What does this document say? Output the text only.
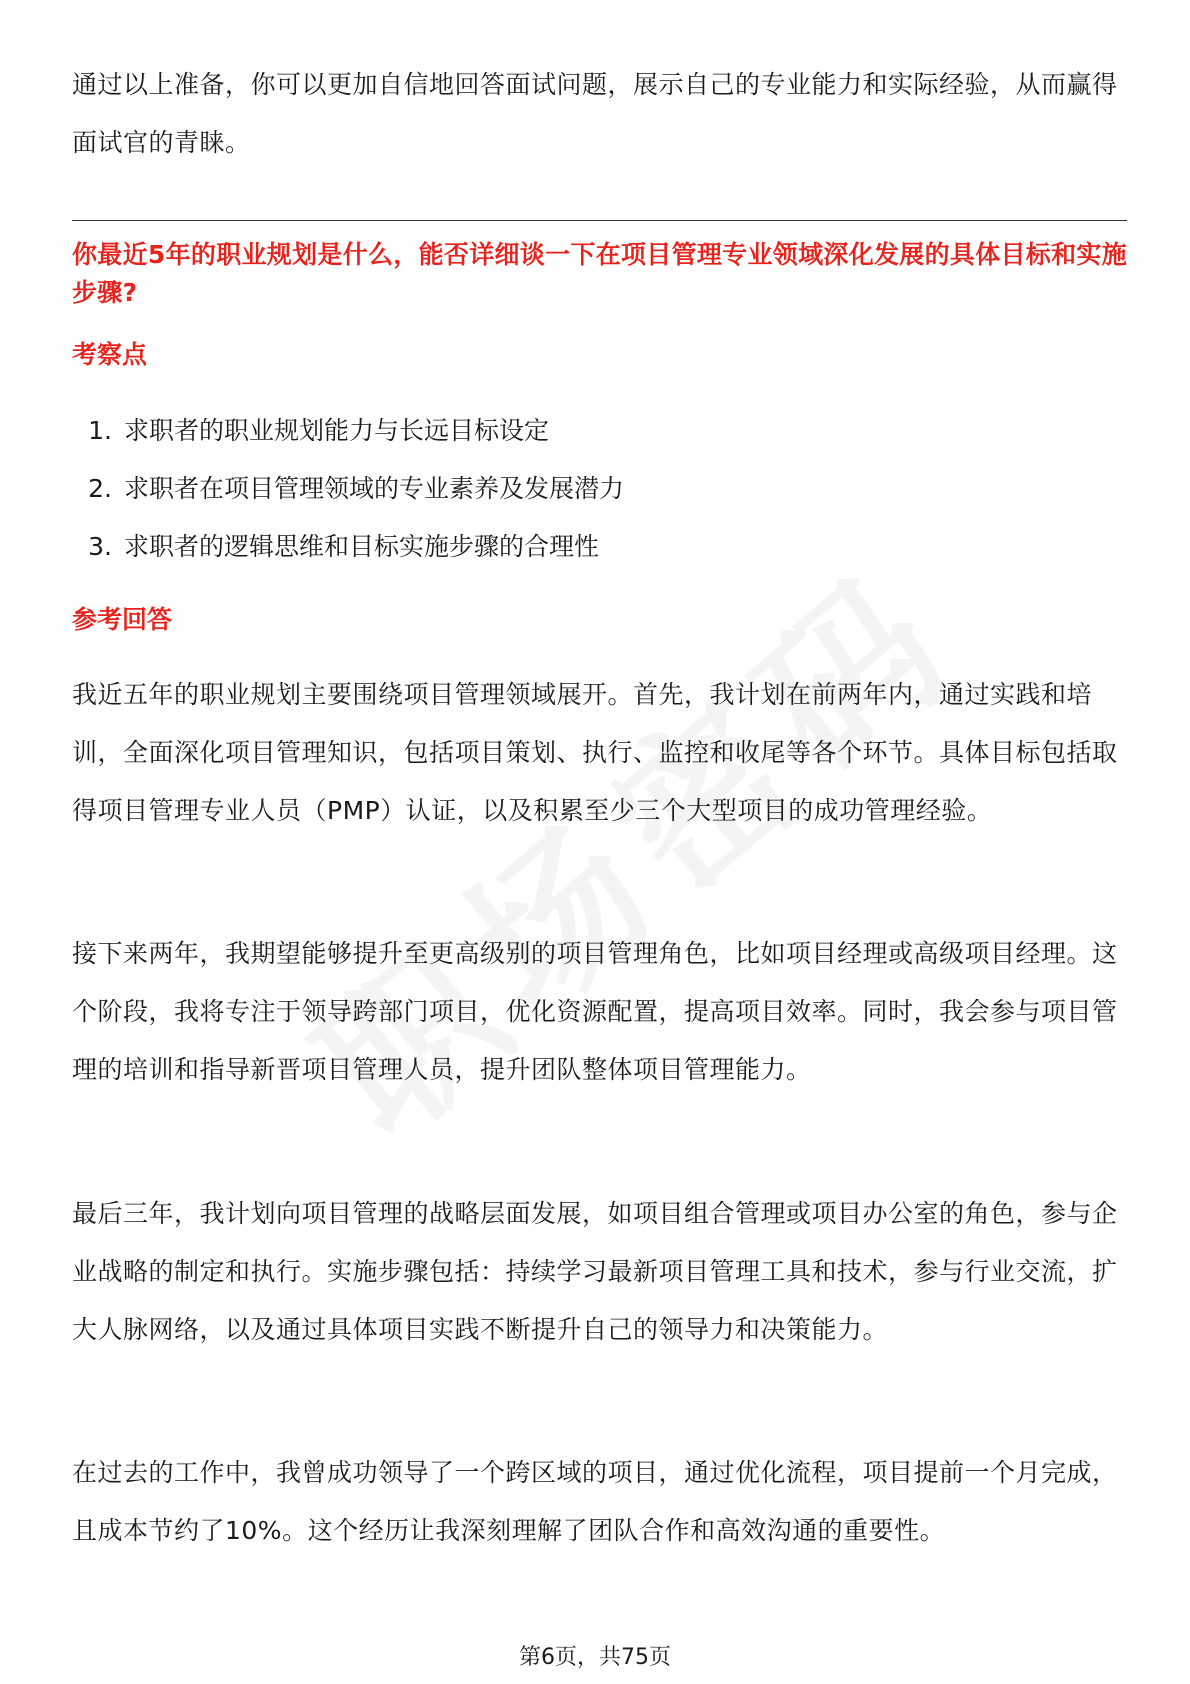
通过以上准备，你可以更加自信地回答面试问题，展示自己的专业能力和实际经验，从而赢得面试官的青睐。

你最近5年的职业规划是什么，能否详细谈一下在项目管理专业领域深化发展的具体目标和实施步骤?

考察点

1. 求职者的职业规划能力与长远目标设定
2. 求职者在项目管理领域的专业素养及发展潜力
3. 求职者的逻辑思维和目标实施步骤的合理性

参考回答

我近五年的职业规划主要围绕项目管理领域展开。首先，我计划在前两年内，通过实践和培训，全面深化项目管理知识，包括项目策划、执行、监控和收尾等各个环节。具体目标包括取得项目管理专业人员（PMP）认证，以及积累至少三个大型项目的成功管理经验。

接下来两年，我期望能够提升至更高级别的项目管理角色，比如项目经理或高级项目经理。这个阶段，我将专注于领导跨部门项目，优化资源配置，提高项目效率。同时，我会参与项目管理的培训和指导新晋项目管理人员，提升团队整体项目管理能力。

最后三年，我计划向项目管理的战略层面发展，如项目组合管理或项目办公室的角色，参与企业战略的制定和执行。实施步骤包括：持续学习最新项目管理工具和技术，参与行业交流，扩大人脉网络，以及通过具体项目实践不断提升自己的领导力和决策能力。

在过去的工作中，我曾成功领导了一个跨区域的项目，通过优化流程，项目提前一个月完成，且成本节约了10%。这个经历让我深刻理解了团队合作和高效沟通的重要性。

第6页，共75页
